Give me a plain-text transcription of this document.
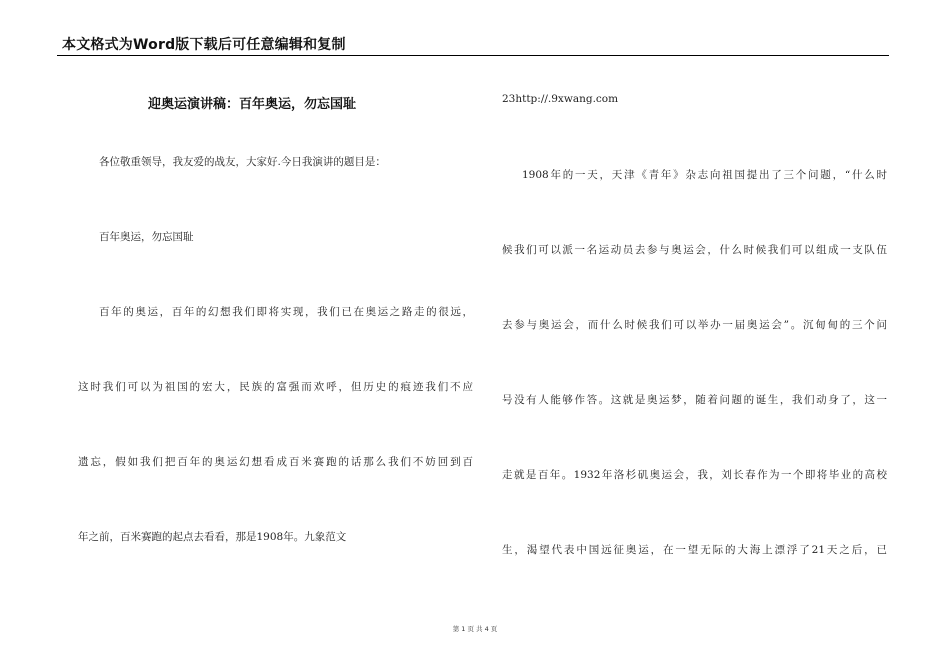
本文格式为Word版下载后可任意编辑和复制
迎奥运演讲稿：百年奥运，勿忘国耻
各位敬重领导，我友爱的战友，大家好.今日我演讲的题目是：
百年奥运，勿忘国耻
百年的奥运，百年的幻想我们即将实现，我们已在奥运之路走的很远，
这时我们可以为祖国的宏大，民族的富强而欢呼，但历史的痕迹我们不应
遗忘，假如我们把百年的奥运幻想看成百米赛跑的话那么我们不妨回到百
年之前，百米赛跑的起点去看看，那是1908年。九象范文
23http://.9xwang.com
1908年的一天，天津《青年》杂志向祖国提出了三个问题，“什么时
候我们可以派一名运动员去参与奥运会，什么时候我们可以组成一支队伍
去参与奥运会，而什么时候我们可以举办一届奥运会”。沉甸甸的三个问
号没有人能够作答。这就是奥运梦，随着问题的诞生，我们动身了，这一
走就是百年。1932年洛杉矶奥运会，我，刘长春作为一个即将毕业的高校
生，渴望代表中国远征奥运，在一望无际的大海上漂浮了21天之后，已
第 1 页 共 4 页
